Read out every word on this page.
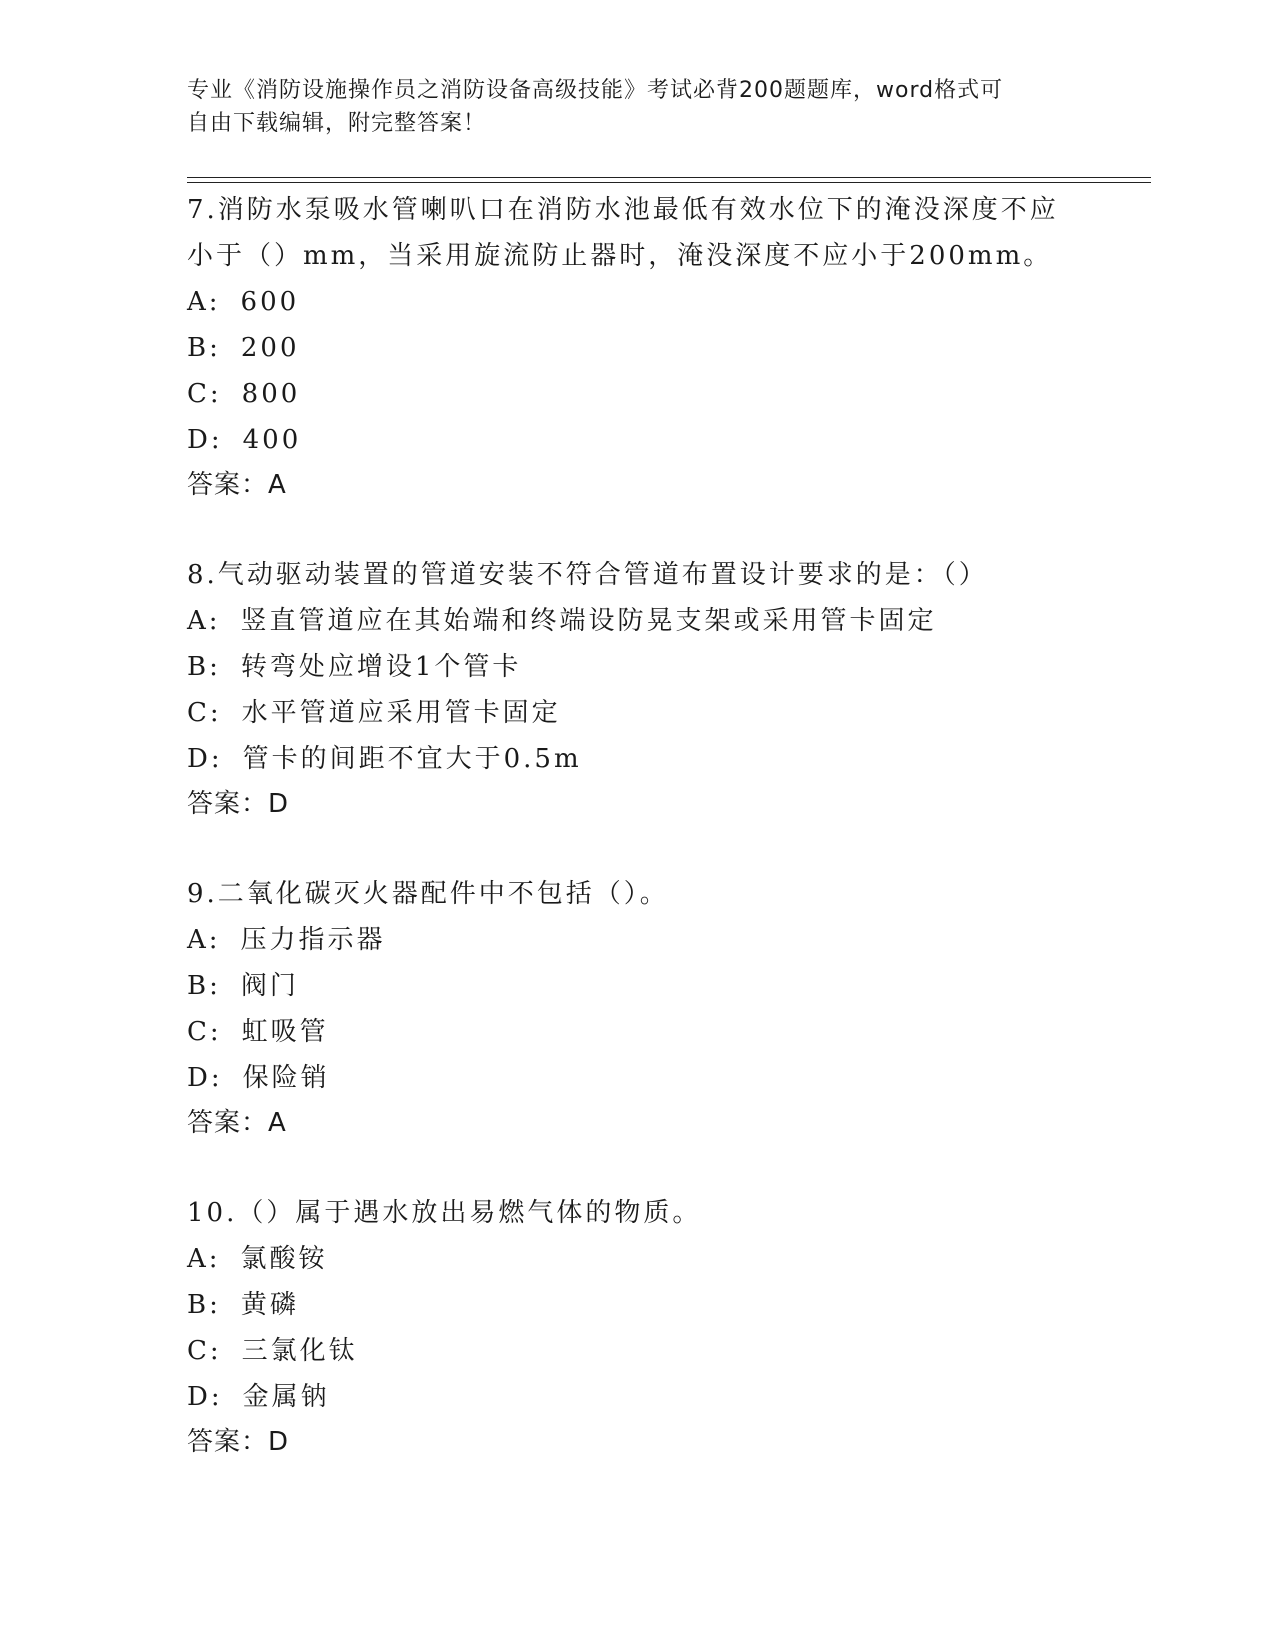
专业《消防设施操作员之消防设备高级技能》考试必背200题题库，word格式可
自由下载编辑，附完整答案！
7.消防水泵吸水管喇叭口在消防水池最低有效水位下的淹没深度不应
小于（）mm，当采用旋流防止器时，淹没深度不应小于200mm。
A: 600
B: 200
C: 800
D: 400
答案：A
8.气动驱动装置的管道安装不符合管道布置设计要求的是：（）
A: 竖直管道应在其始端和终端设防晃支架或采用管卡固定
B: 转弯处应增设1个管卡
C: 水平管道应采用管卡固定
D: 管卡的间距不宜大于0.5m
答案：D
9.二氧化碳灭火器配件中不包括（）。
A: 压力指示器
B: 阀门
C: 虹吸管
D: 保险销
答案：A
10.（）属于遇水放出易燃气体的物质。
A: 氯酸铵
B: 黄磷
C: 三氯化钛
D: 金属钠
答案：D
